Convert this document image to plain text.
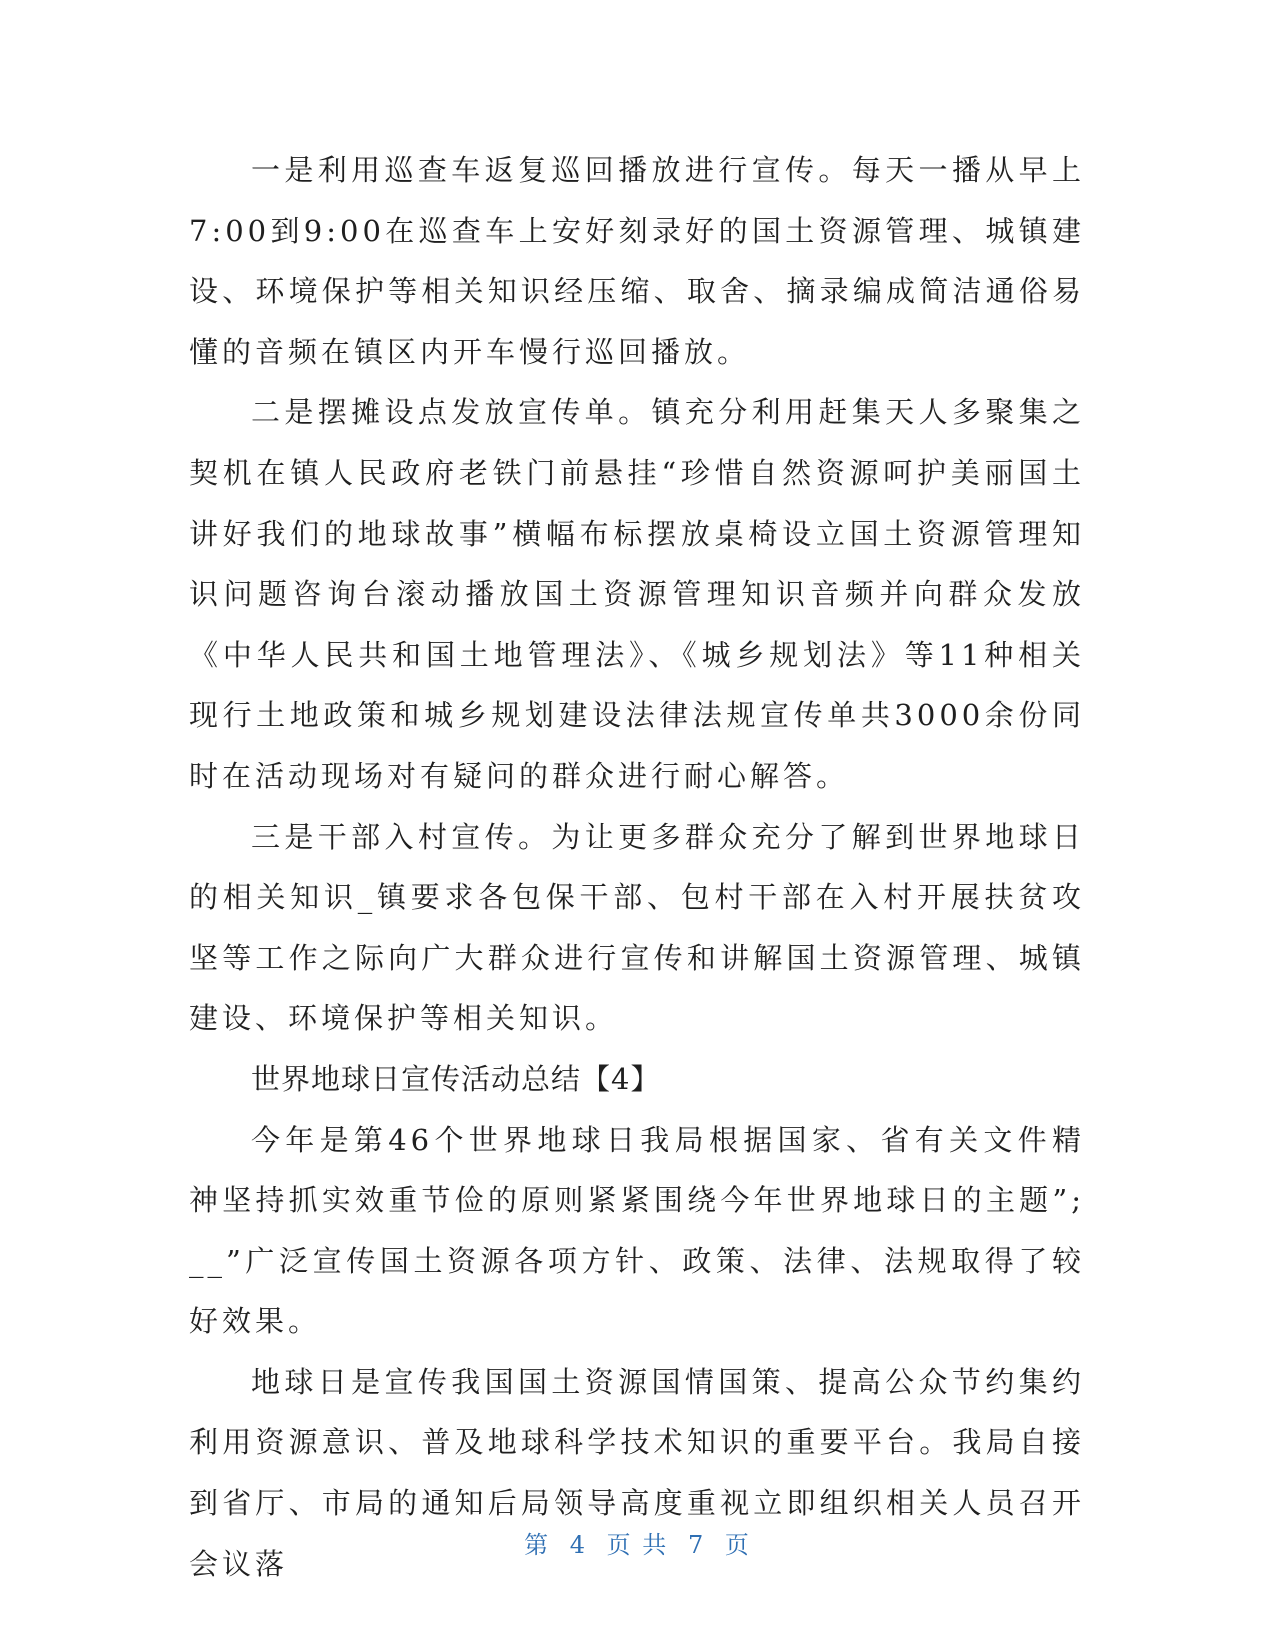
一是利用巡查车返复巡回播放进行宣传。每天一播从早上7:00到9:00在巡查车上安好刻录好的国土资源管理、城镇建设、环境保护等相关知识经压缩、取舍、摘录编成简洁通俗易懂的音频在镇区内开车慢行巡回播放。

二是摆摊设点发放宣传单。镇充分利用赶集天人多聚集之契机在镇人民政府老铁门前悬挂“珍惜自然资源呵护美丽国土讲好我们的地球故事”横幅布标摆放桌椅设立国土资源管理知识问题咨询台滚动播放国土资源管理知识音频并向群众发放《中华人民共和国土地管理法》、《城乡规划法》等11种相关现行土地政策和城乡规划建设法律法规宣传单共3000余份同时在活动现场对有疑问的群众进行耐心解答。

三是干部入村宣传。为让更多群众充分了解到世界地球日的相关知识_镇要求各包保干部、包村干部在入村开展扶贫攻坚等工作之际向广大群众进行宣传和讲解国土资源管理、城镇建设、环境保护等相关知识。

世界地球日宣传活动总结【4】

今年是第46个世界地球日我局根据国家、省有关文件精神坚持抓实效重节俭的原则紧紧围绕今年世界地球日的主题”;__”广泛宣传国土资源各项方针、政策、法律、法规取得了较好效果。

地球日是宣传我国国土资源国情国策、提高公众节约集约利用资源意识、普及地球科学技术知识的重要平台。我局自接到省厅、市局的通知后局领导高度重视立即组织相关人员召开会议落

第 4 页 共 7 页
